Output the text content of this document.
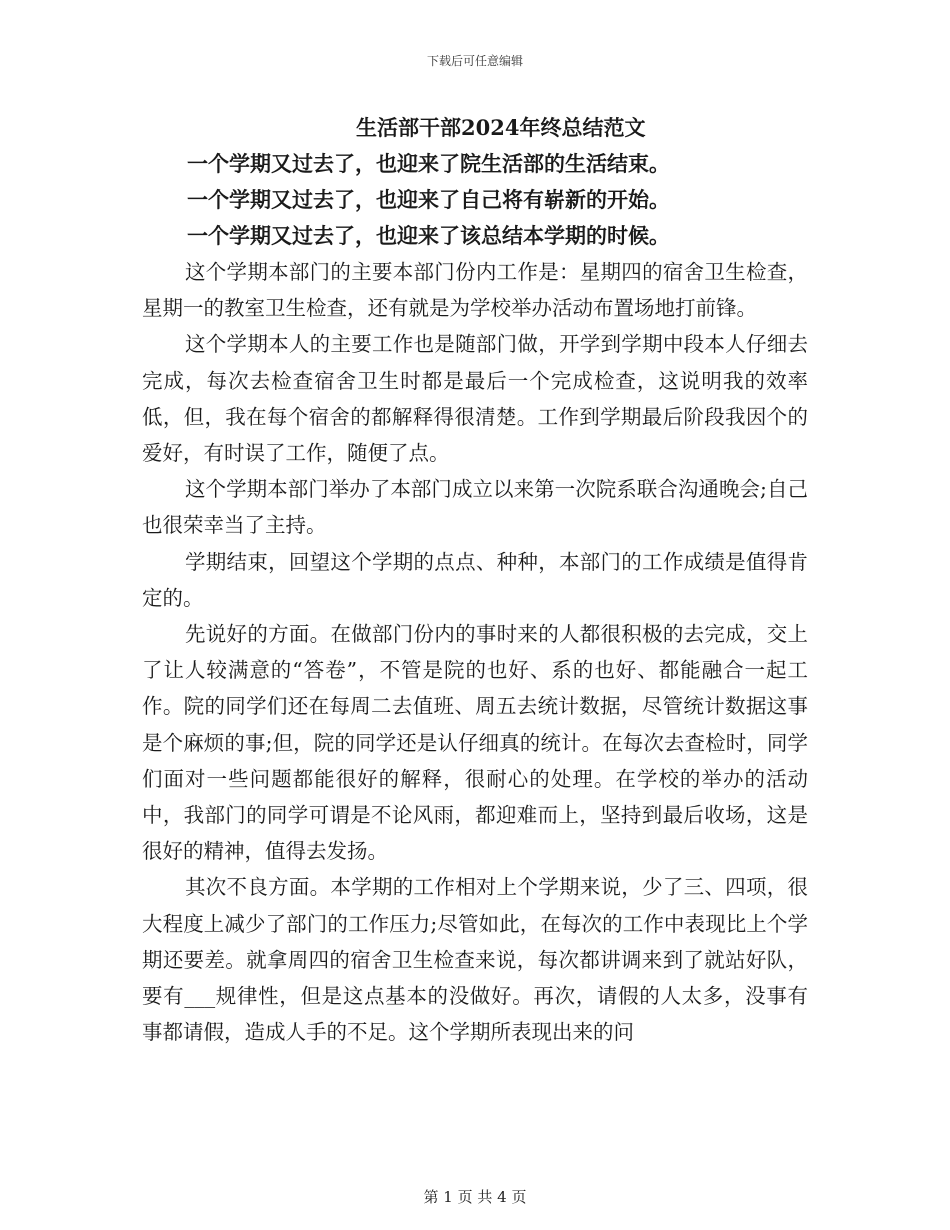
下载后可任意编辑
生活部干部2024年终总结范文

一个学期又过去了，也迎来了院生活部的生活结束。

一个学期又过去了，也迎来了自己将有崭新的开始。

一个学期又过去了，也迎来了该总结本学期的时候。

这个学期本部门的主要本部门份内工作是：星期四的宿舍卫生检查，星期一的教室卫生检查，还有就是为学校举办活动布置场地打前锋。

这个学期本人的主要工作也是随部门做，开学到学期中段本人仔细去完成，每次去检查宿舍卫生时都是最后一个完成检查，这说明我的效率低，但，我在每个宿舍的都解释得很清楚。工作到学期最后阶段我因个的爱好，有时误了工作，随便了点。

这个学期本部门举办了本部门成立以来第一次院系联合沟通晚会;自己也很荣幸当了主持。

学期结束，回望这个学期的点点、种种，本部门的工作成绩是值得肯定的。

先说好的方面。在做部门份内的事时来的人都很积极的去完成，交上了让人较满意的“答卷”，不管是院的也好、系的也好、都能融合一起工作。院的同学们还在每周二去值班、周五去统计数据，尽管统计数据这事是个麻烦的事;但，院的同学还是认仔细真的统计。在每次去查检时，同学们面对一些问题都能很好的解释，很耐心的处理。在学校的举办的活动中，我部门的同学可谓是不论风雨，都迎难而上，坚持到最后收场，这是很好的精神，值得去发扬。

其次不良方面。本学期的工作相对上个学期来说，少了三、四项，很大程度上减少了部门的工作压力;尽管如此，在每次的工作中表现比上个学期还要差。就拿周四的宿舍卫生检查来说，每次都讲调来到了就站好队，要有___规律性，但是这点基本的没做好。再次，请假的人太多，没事有事都请假，造成人手的不足。这个学期所表现出来的问

第 1 页 共 4 页
